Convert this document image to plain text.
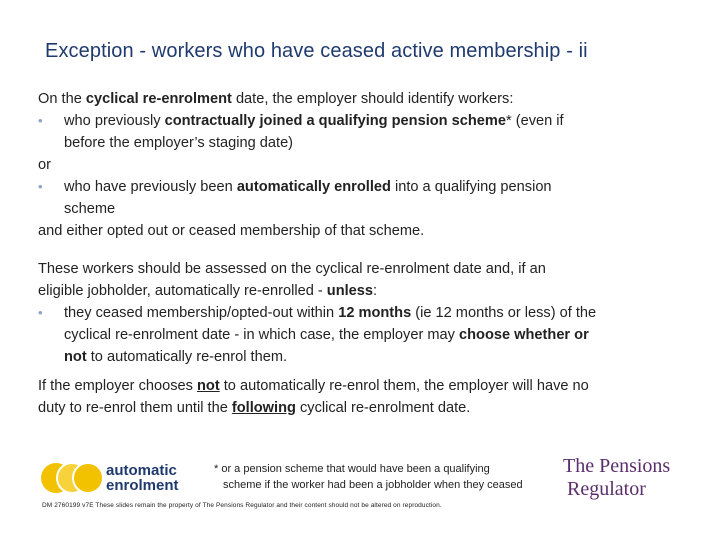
Exception - workers who have ceased active membership - ii
On the cyclical re-enrolment date, the employer should identify workers:
• who previously contractually joined a qualifying pension scheme* (even if
before the employer’s staging date)
or
• who have previously been automatically enrolled into a qualifying pension
scheme
and either opted out or ceased membership of that scheme.
These workers should be assessed on the cyclical re-enrolment date and, if an
eligible jobholder, automatically re-enrolled - unless:
• they ceased membership/opted-out within 12 months (ie 12 months or less) of the
cyclical re-enrolment date - in which case, the employer may choose whether or
not to automatically re-enrol them.
If the employer chooses not to automatically re-enrol them, the employer will have no
duty to re-enrol them until the following cyclical re-enrolment date.
automatic
enrolment
* or a pension scheme that would have been a qualifying
scheme if the worker had been a jobholder when they ceased
The Pensions
Regulator
DM 2760199 v7E These slides remain the property of The Pensions Regulator and their content should not be altered on reproduction.
